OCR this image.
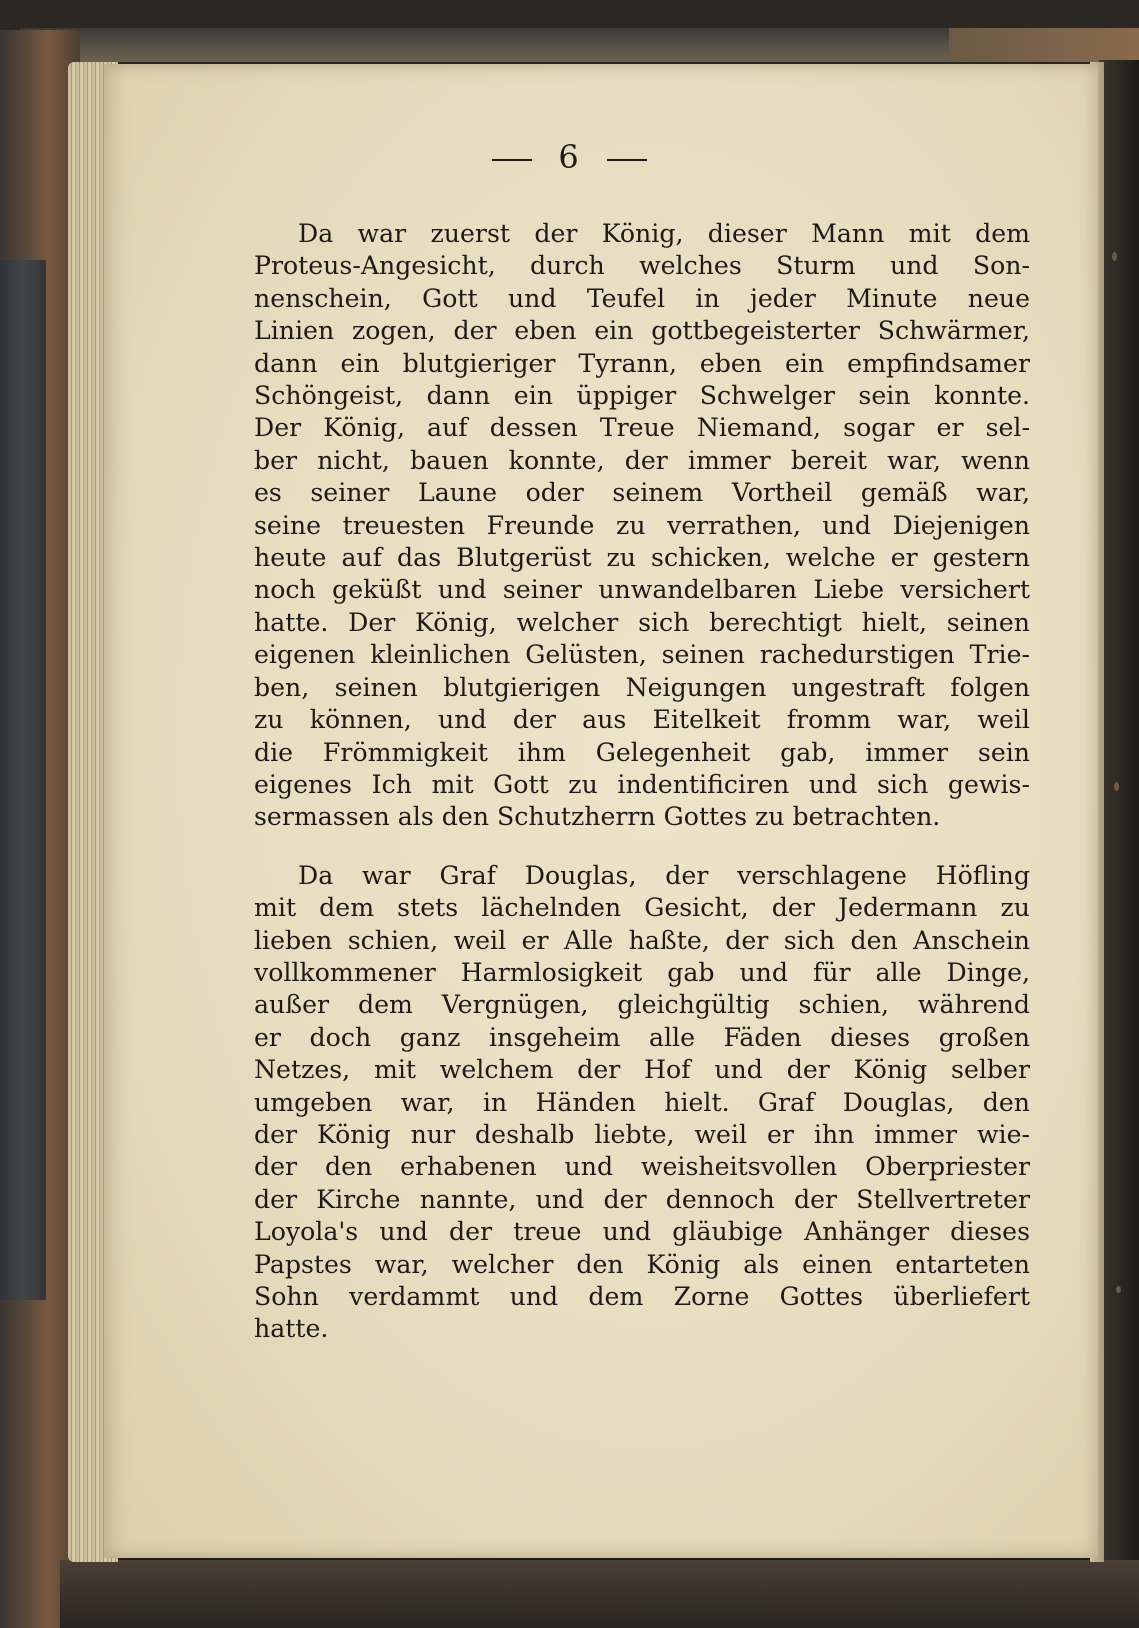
6
Da war zuerst der König, dieser Mann mit dem
Proteus-Angesicht, durch welches Sturm und Son-
nenschein, Gott und Teufel in jeder Minute neue
Linien zogen, der eben ein gottbegeisterter Schwärmer,
dann ein blutgieriger Tyrann, eben ein empfindsamer
Schöngeist, dann ein üppiger Schwelger sein konnte.
Der König, auf dessen Treue Niemand, sogar er sel-
ber nicht, bauen konnte, der immer bereit war, wenn
es seiner Laune oder seinem Vortheil gemäß war,
seine treuesten Freunde zu verrathen, und Diejenigen
heute auf das Blutgerüst zu schicken, welche er gestern
noch geküßt und seiner unwandelbaren Liebe versichert
hatte. Der König, welcher sich berechtigt hielt, seinen
eigenen kleinlichen Gelüsten, seinen rachedurstigen Trie-
ben, seinen blutgierigen Neigungen ungestraft folgen
zu können, und der aus Eitelkeit fromm war, weil
die Frömmigkeit ihm Gelegenheit gab, immer sein
eigenes Ich mit Gott zu indentificiren und sich gewis-
sermassen als den Schutzherrn Gottes zu betrachten.
Da war Graf Douglas, der verschlagene Höfling
mit dem stets lächelnden Gesicht, der Jedermann zu
lieben schien, weil er Alle haßte, der sich den Anschein
vollkommener Harmlosigkeit gab und für alle Dinge,
außer dem Vergnügen, gleichgültig schien, während
er doch ganz insgeheim alle Fäden dieses großen
Netzes, mit welchem der Hof und der König selber
umgeben war, in Händen hielt. Graf Douglas, den
der König nur deshalb liebte, weil er ihn immer wie-
der den erhabenen und weisheitsvollen Oberpriester
der Kirche nannte, und der dennoch der Stellvertreter
Loyola's und der treue und gläubige Anhänger dieses
Papstes war, welcher den König als einen entarteten
Sohn verdammt und dem Zorne Gottes überliefert
hatte.
